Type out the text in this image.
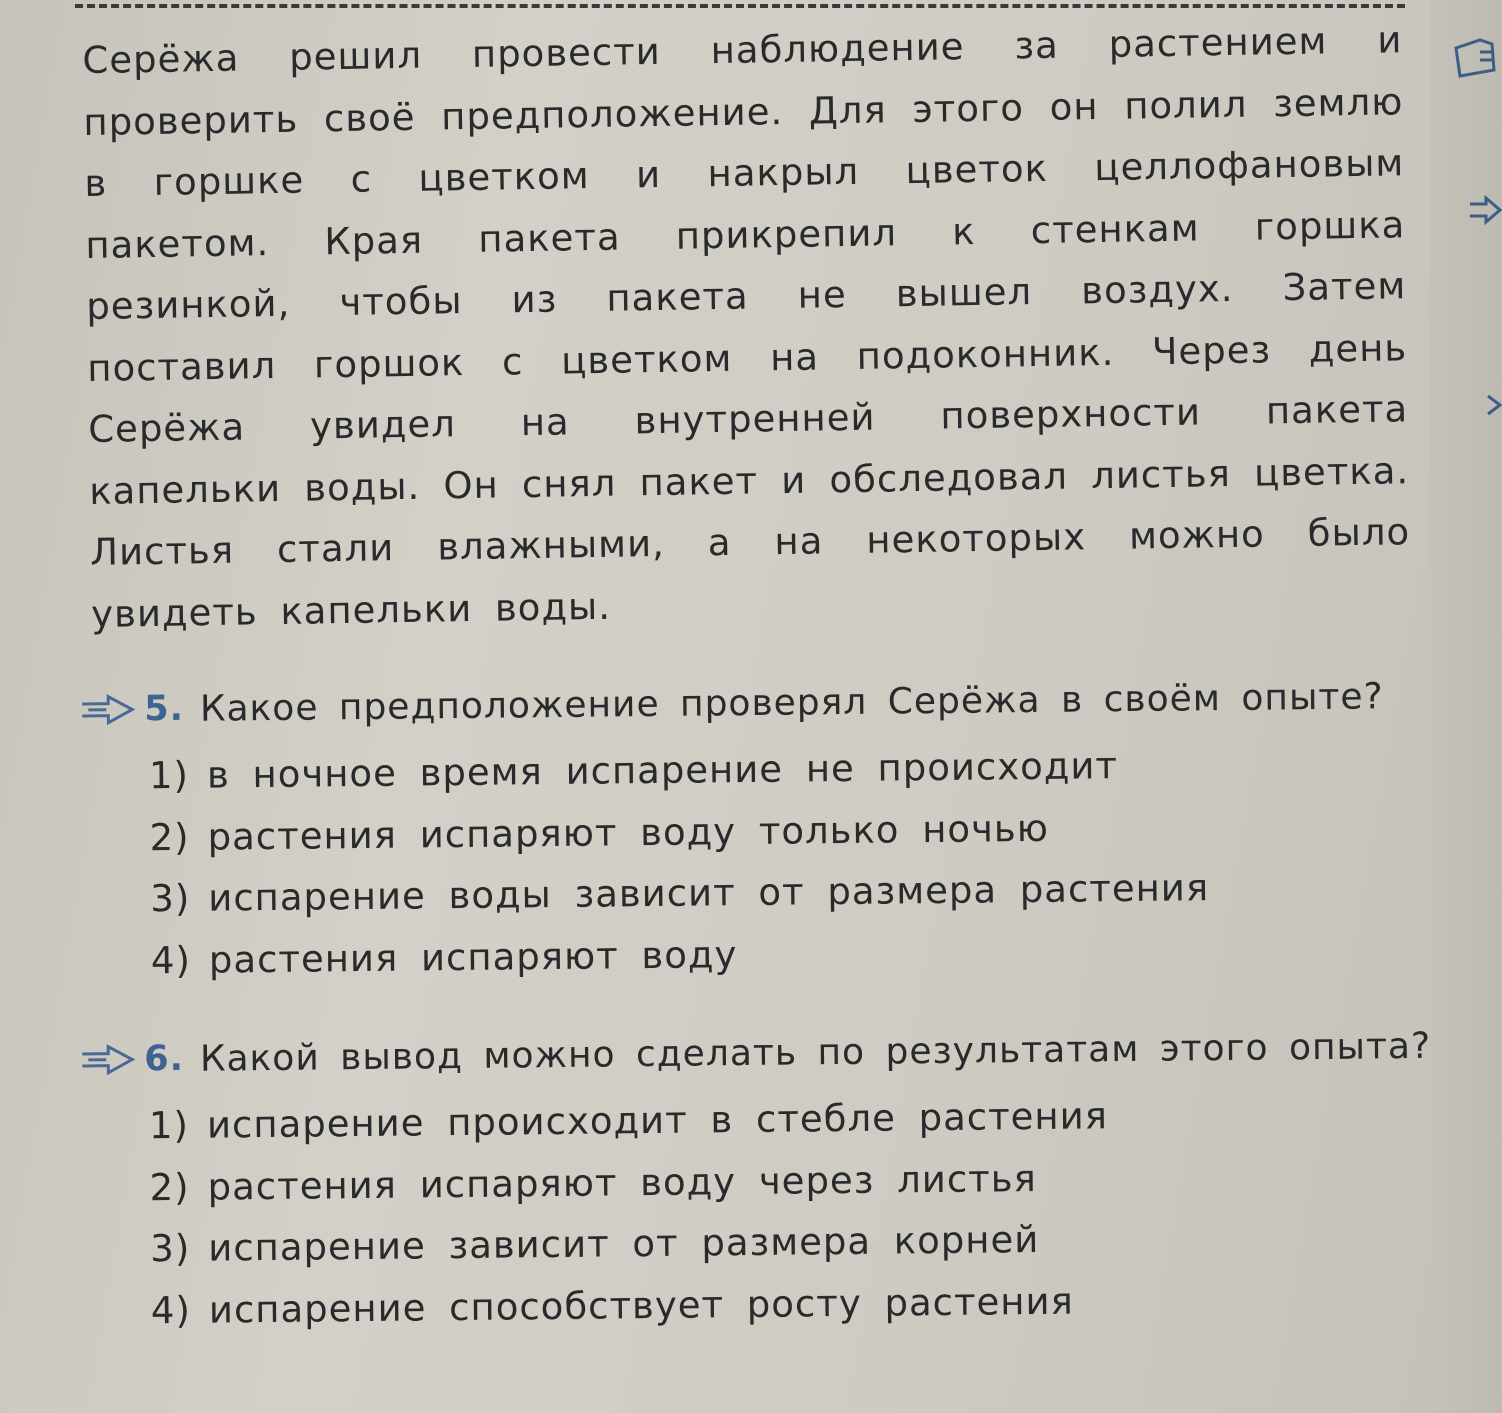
Серёжа решил провести наблюдение за растением и проверить своё предположение. Для этого он полил землю в горшке с цветком и накрыл цветок целлофановым пакетом. Края пакета прикрепил к стенкам горшка резинкой, чтобы из пакета не вышел воздух. Затем поставил горшок с цветком на подоконник. Через день Серёжа увидел на внутренней поверхности пакета капельки воды. Он снял пакет и обследовал листья цветка. Листья стали влажными, а на некоторых можно было увидеть капельки воды.

5. Какое предположение проверял Серёжа в своём опыте?
1) в ночное время испарение не происходит
2) растения испаряют воду только ночью
3) испарение воды зависит от размера растения
4) растения испаряют воду
6. Какой вывод можно сделать по результатам этого опыта?
1) испарение происходит в стебле растения
2) растения испаряют воду через листья
3) испарение зависит от размера корней
4) испарение способствует росту растения
